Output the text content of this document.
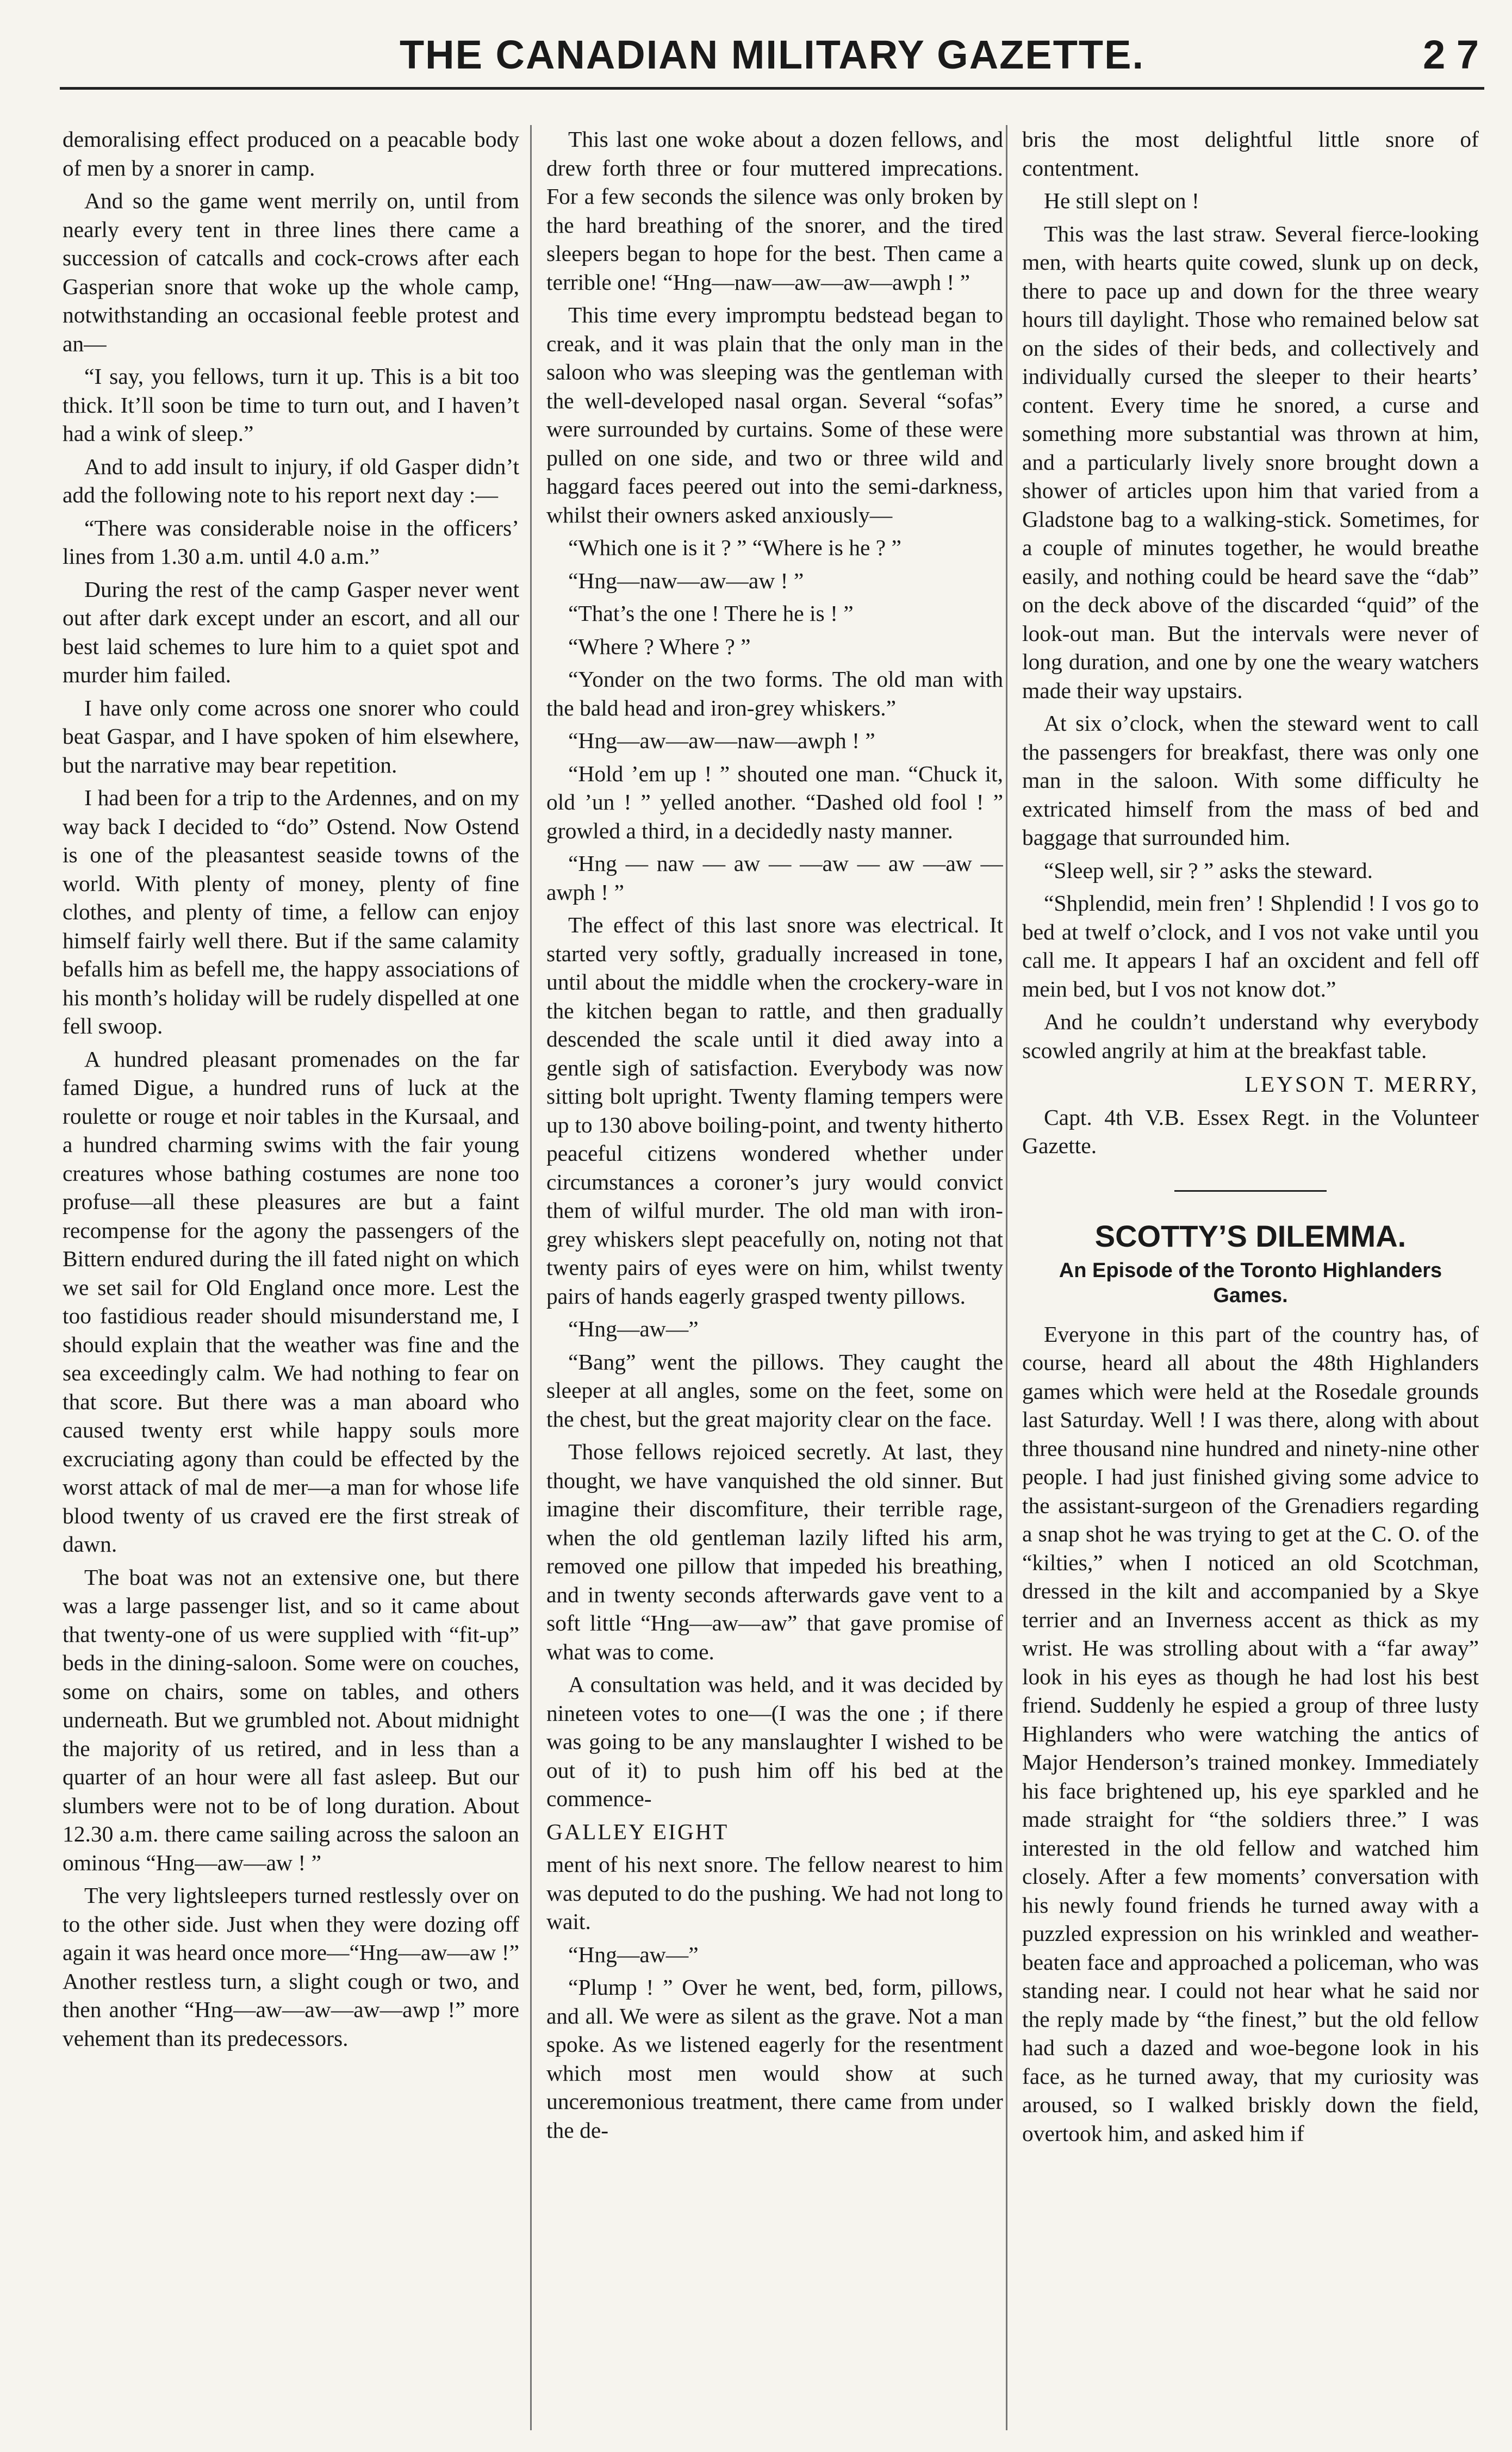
THE CANADIAN MILITARY GAZETTE.	2 7

demoralising effect produced on a peacable body of men by a snorer in camp.

And so the game went merrily on, until from nearly every tent in three lines there came a succession of catcalls and cock-crows after each Gasperian snore that woke up the whole camp, notwithstanding an occasional feeble protest and an—

“I say, you fellows, turn it up. This is a bit too thick. It’ll soon be time to turn out, and I haven’t had a wink of sleep.”

And to add insult to injury, if old Gasper didn’t add the following note to his report next day :—

“There was considerable noise in the officers’ lines from 1.30 a.m. until 4.0 a.m.”

During the rest of the camp Gasper never went out after dark except under an escort, and all our best laid schemes to lure him to a quiet spot and murder him failed.

I have only come across one snorer who could beat Gaspar, and I have spoken of him elsewhere, but the narrative may bear repetition.

I had been for a trip to the Ardennes, and on my way back I decided to “do” Ostend. Now Ostend is one of the pleasantest seaside towns of the world. With plenty of money, plenty of fine clothes, and plenty of time, a fellow can enjoy himself fairly well there. But if the same calamity befalls him as befell me, the happy associations of his month’s holiday will be rudely dispelled at one fell swoop.

A hundred pleasant promenades on the far famed Digue, a hundred runs of luck at the roulette or rouge et noir tables in the Kursaal, and a hundred charming swims with the fair young creatures whose bathing costumes are none too profuse—all these pleasures are but a faint recompense for the agony the passengers of the Bittern endured during the ill fated night on which we set sail for Old England once more. Lest the too fastidious reader should misunderstand me, I should explain that the weather was fine and the sea exceedingly calm. We had nothing to fear on that score. But there was a man aboard who caused twenty erst while happy souls more excruciating agony than could be effected by the worst attack of mal de mer—a man for whose life blood twenty of us craved ere the first streak of dawn.

The boat was not an extensive one, but there was a large passenger list, and so it came about that twenty-one of us were supplied with “fit-up” beds in the dining-saloon. Some were on couches, some on chairs, some on tables, and others underneath. But we grumbled not. About midnight the majority of us retired, and in less than a quarter of an hour were all fast asleep. But our slumbers were not to be of long duration. About 12.30 a.m. there came sailing across the saloon an ominous “Hng—aw—aw ! ”

The very lightsleepers turned restlessly over on to the other side. Just when they were dozing off again it was heard once more—“Hng—aw—aw !” Another restless turn, a slight cough or two, and then another “Hng—aw—aw—aw—awp !” more vehement than its predecessors.

This last one woke about a dozen fellows, and drew forth three or four muttered imprecations. For a few seconds the silence was only broken by the hard breathing of the snorer, and the tired sleepers began to hope for the best. Then came a terrible one! “Hng—naw—aw—aw—awph ! ”

This time every impromptu bedstead began to creak, and it was plain that the only man in the saloon who was sleeping was the gentleman with the well-developed nasal organ. Several “sofas” were surrounded by curtains. Some of these were pulled on one side, and two or three wild and haggard faces peered out into the semi-darkness, whilst their owners asked anxiously—

“Which one is it ? ” “Where is he ? ”

“Hng—naw—aw—aw ! ”

“That’s the one ! There he is ! ”

“Where ? Where ? ”

“Yonder on the two forms. The old man with the bald head and iron-grey whiskers.”

“Hng—aw—aw—naw—awph ! ”

“Hold ’em up ! ” shouted one man. “Chuck it, old ’un ! ” yelled another. “Dashed old fool ! ” growled a third, in a decidedly nasty manner.

“Hng — naw — aw — —aw — aw —aw —awph ! ”

The effect of this last snore was electrical. It started very softly, gradually increased in tone, until about the middle when the crockery-ware in the kitchen began to rattle, and then gradually descended the scale until it died away into a gentle sigh of satisfaction. Everybody was now sitting bolt upright. Twenty flaming tempers were up to 130 above boiling-point, and twenty hitherto peaceful citizens wondered whether under circumstances a coroner’s jury would convict them of wilful murder. The old man with iron-grey whiskers slept peacefully on, noting not that twenty pairs of eyes were on him, whilst twenty pairs of hands eagerly grasped twenty pillows.

“Hng—aw—”

“Bang” went the pillows. They caught the sleeper at all angles, some on the feet, some on the chest, but the great majority clear on the face.

Those fellows rejoiced secretly. At last, they thought, we have vanquished the old sinner. But imagine their discomfiture, their terrible rage, when the old gentleman lazily lifted his arm, removed one pillow that impeded his breathing, and in twenty seconds afterwards gave vent to a soft little “Hng—aw—aw” that gave promise of what was to come.

A consultation was held, and it was decided by nineteen votes to one—(I was the one ; if there was going to be any manslaughter I wished to be out of it) to push him off his bed at the commence-

GALLEY EIGHT

ment of his next snore. The fellow nearest to him was deputed to do the pushing. We had not long to wait.

“Hng—aw—”

“Plump ! ” Over he went, bed, form, pillows, and all. We were as silent as the grave. Not a man spoke. As we listened eagerly for the resentment which most men would show at such unceremonious treatment, there came from under the de-

bris the most delightful little snore of contentment.

He still slept on !

This was the last straw. Several fierce-looking men, with hearts quite cowed, slunk up on deck, there to pace up and down for the three weary hours till daylight. Those who remained below sat on the sides of their beds, and collectively and individually cursed the sleeper to their hearts’ content. Every time he snored, a curse and something more substantial was thrown at him, and a particularly lively snore brought down a shower of articles upon him that varied from a Gladstone bag to a walking-stick. Sometimes, for a couple of minutes together, he would breathe easily, and nothing could be heard save the “dab” on the deck above of the discarded “quid” of the look-out man. But the intervals were never of long duration, and one by one the weary watchers made their way upstairs.

At six o’clock, when the steward went to call the passengers for breakfast, there was only one man in the saloon. With some difficulty he extricated himself from the mass of bed and baggage that surrounded him.

“Sleep well, sir ? ” asks the steward.

“Shplendid, mein fren’ ! Shplendid ! I vos go to bed at twelf o’clock, and I vos not vake until you call me. It appears I haf an oxcident and fell off mein bed, but I vos not know dot.”

And he couldn’t understand why everybody scowled angrily at him at the breakfast table.

LEYSON T. MERRY,

Capt. 4th V.B. Essex Regt. in the Volunteer Gazette.

SCOTTY’S DILEMMA.
An Episode of the Toronto Highlanders Games.

Everyone in this part of the country has, of course, heard all about the 48th Highlanders games which were held at the Rosedale grounds last Saturday. Well ! I was there, along with about three thousand nine hundred and ninety-nine other people. I had just finished giving some advice to the assistant-surgeon of the Grenadiers regarding a snap shot he was trying to get at the C. O. of the “kilties,” when I noticed an old Scotchman, dressed in the kilt and accompanied by a Skye terrier and an Inverness accent as thick as my wrist. He was strolling about with a “far away” look in his eyes as though he had lost his best friend. Suddenly he espied a group of three lusty Highlanders who were watching the antics of Major Henderson’s trained monkey. Immediately his face brightened up, his eye sparkled and he made straight for “the soldiers three.” I was interested in the old fellow and watched him closely. After a few moments’ conversation with his newly found friends he turned away with a puzzled expression on his wrinkled and weather-beaten face and approached a policeman, who was standing near. I could not hear what he said nor the reply made by “the finest,” but the old fellow had such a dazed and woe-begone look in his face, as he turned away, that my curiosity was aroused, so I walked briskly down the field, overtook him, and asked him if
